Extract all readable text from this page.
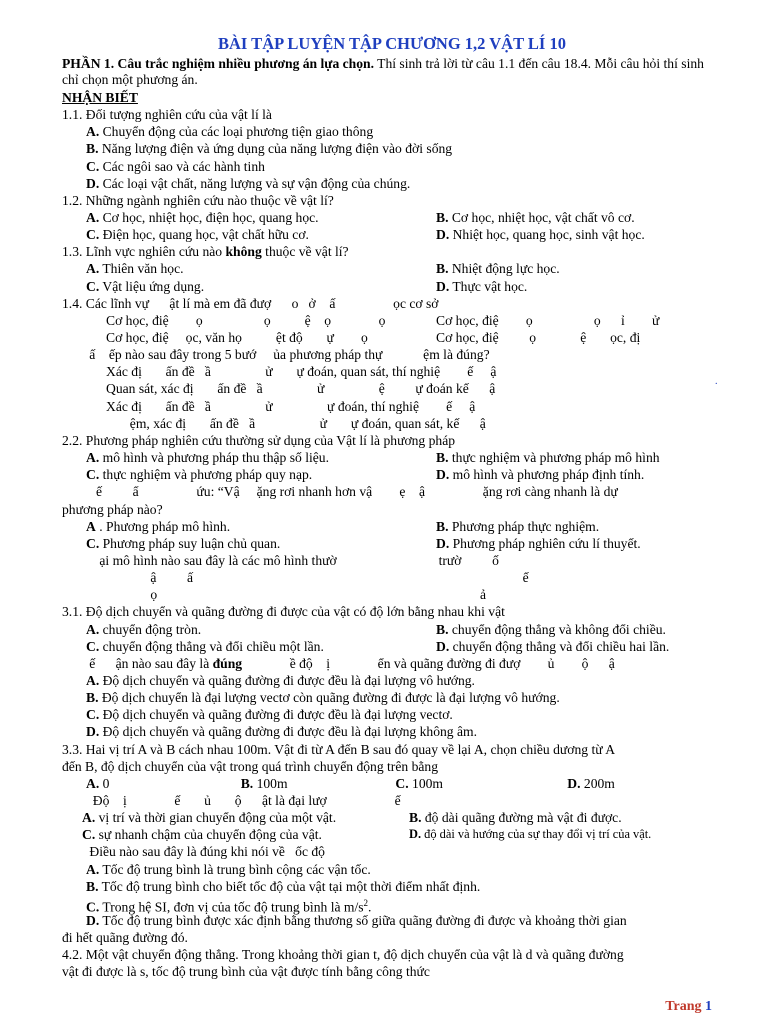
BÀI TẬP LUYỆN TẬP CHƯƠNG 1,2 VẬT LÍ 10
PHẦN 1. Câu trắc nghiệm nhiều phương án lựa chọn. Thí sinh trả lời từ câu 1.1 đến câu 18.4. Mỗi câu hỏi thí sinh chỉ chọn một phương án.
NHẬN BIẾT
1.1. Đối tượng nghiên cứu của vật lí là
A. Chuyển động của các loại phương tiện giao thông
B. Năng lượng điện và ứng dụng của năng lượng điện vào đời sống
C. Các ngôi sao và các hành tinh
D. Các loại vật chất, năng lượng và sự vận động của chúng.
1.2. Những ngành nghiên cứu nào thuộc về vật lí?
A. Cơ học, nhiệt học, điện học, quang học.	B. Cơ học, nhiệt học, vật chất vô cơ.
C. Điện học, quang học, vật chất hữu cơ.	D. Nhiệt học, quang học, sinh vật học.
1.3. Lĩnh vực nghiên cứu nào không thuộc về vật lí?
A. Thiên văn học.	B. Nhiệt động lực học.
C. Vật liệu ứng dụng.	D. Thực vật học.
1.4. Các lĩnh vự      ật lí mà em đã đượ      o   ở    ấ                 ọc cơ sở
Cơ học, điệ        ọ                  ọ          ệ    ọ              ọ	Cơ học, điệ        ọ                  ọ      ỉ        ử
Cơ học, điệ     ọc, văn họ          ệt độ       ự        ọ	Cơ học, điệ         ọ             ệ       ọc, đị
ấ    ếp nào sau đây trong 5 bướ     ủa phương pháp thự            ệm là đúng?
Xác đị       ấn đề   ầ                ử       ự đoán, quan sát, thí nghiệ        ế     ậ
Quan sát, xác đị       ấn đề   ầ                ử                ệ         ự đoán kế      ậ
Xác đị       ấn đề   ầ                ử                ự đoán, thí nghiệ        ế     ậ
ệm, xác đị       ấn đề   ầ                   ử       ự đoán, quan sát, kế      ậ
2.2. Phương pháp nghiên cứu thường sử dụng của Vật lí là phương pháp
A. mô hình và phương pháp thu thập số liệu.	B. thực nghiệm và phương pháp mô hình
C. thực nghiệm và phương pháp quy nạp.	D. mô hình và phương pháp định tính.
ế         ẩ                 ứu: “Vậ     ặng rơi nhanh hơn vậ        ẹ    ậ                 ặng rơi càng nhanh là dự
phương pháp nào?
A . Phương pháp mô hình.	B. Phương pháp thực nghiệm.
C. Phương pháp suy luận chủ quan.	D. Phương pháp nghiên cứu lí thuyết.
ại mô hình nào sau đây là các mô hình thườ                              trườ         ố
ậ         ấ                                                                                                 ế
ọ                                                                                               ả
3.1. Độ dịch chuyển và quãng đường đi được của vật có độ lớn bằng nhau khi vật
A. chuyển động tròn.	B. chuyển động thẳng và không đổi chiều.
C. chuyển động thẳng và đổi chiều một lần.	D. chuyển động thẳng và đổi chiều hai lần.
ế      ận nào sau đây là đúng              ề độ    ị              ển và quãng đường đi đượ        ủ        ộ      ậ
A. Độ dịch chuyển và quãng đường đi được đều là đại lượng vô hướng.
B. Độ dịch chuyển là đại lượng vectơ còn quãng đường đi được là đại lượng vô hướng.
C. Độ dịch chuyển và quãng đường đi được đều là đại lượng vectơ.
D. Độ dịch chuyển và quãng đường đi được đều là đại lượng không âm.
3.3. Hai vị trí A và B cách nhau 100m. Vật đi từ A đến B sau đó quay về lại A, chọn chiều dương từ A
đến B, độ dịch chuyển của vật trong quá trình chuyển động trên bằng
A. 0	B. 100m	C. 100m	D. 200m
Độ    ị              ế       ủ       ộ      ật là đại lượ                    ế
A. vị trí và thời gian chuyển động của một vật.	B. độ dài quãng đường mà vật đi được.
C. sự nhanh chậm của chuyển động của vật.	D. độ dài và hướng của sự thay đổi vị trí của vật.
Điều nào sau đây là đúng khi nói về   ốc độ
A. Tốc độ trung bình là trung bình cộng các vận tốc.
B. Tốc độ trung bình cho biết tốc độ của vật tại một thời điểm nhất định.
C. Trong hệ SI, đơn vị của tốc độ trung bình là $m/s^2$.
D. Tốc độ trung bình được xác định bằng thương số giữa quãng đường đi được và khoảng thời gian
đi hết quãng đường đó.
4.2. Một vật chuyển động thẳng. Trong khoảng thời gian t, độ dịch chuyển của vật là d và quãng đường
vật đi được là s, tốc độ trung bình của vật được tính bằng công thức
.
Trang 1
